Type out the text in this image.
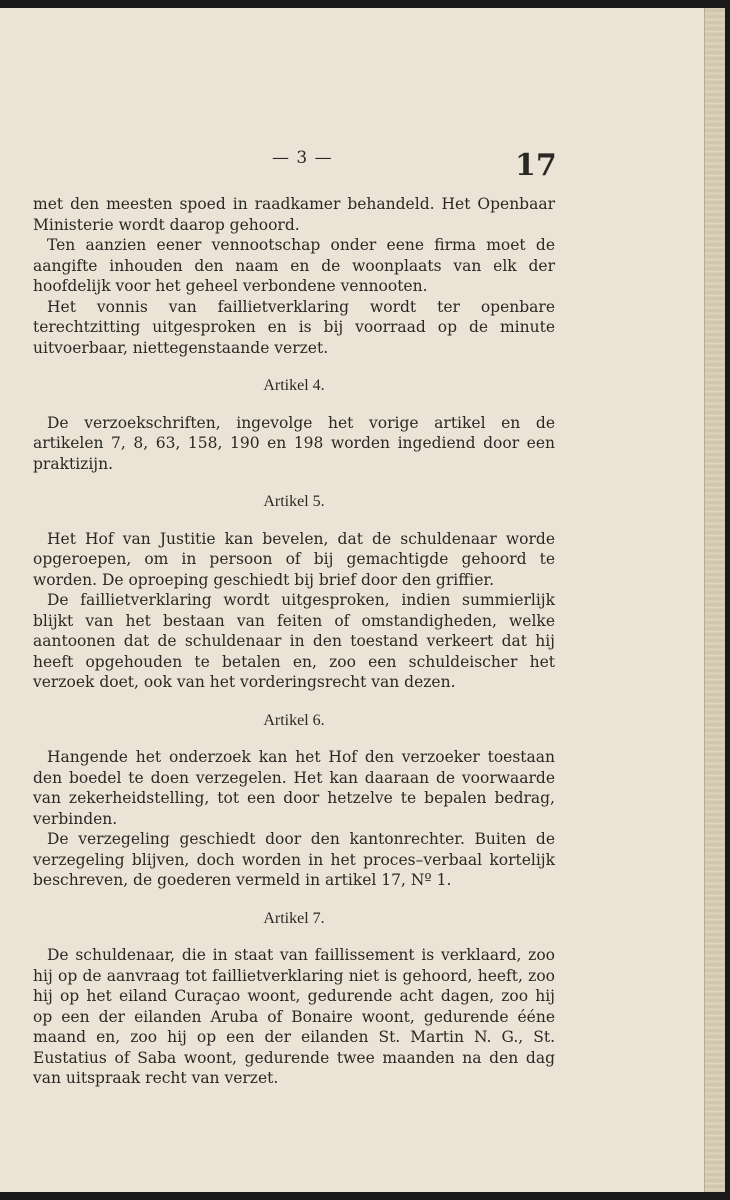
— 3 —	17

met den meesten spoed in raadkamer behandeld. Het Openbaar Ministerie wordt daarop gehoord.

Ten aanzien eener vennootschap onder eene firma moet de aangifte inhouden den naam en de woonplaats van elk der hoofdelijk voor het geheel verbondene vennooten.

Het vonnis van faillietverklaring wordt ter openbare terechtzitting uitgesproken en is bij voorraad op de minute uitvoerbaar, niettegenstaande verzet.

Artikel 4.

De verzoekschriften, ingevolge het vorige artikel en de artikelen 7, 8, 63, 158, 190 en 198 worden ingediend door een praktizijn.

Artikel 5.

Het Hof van Justitie kan bevelen, dat de schuldenaar worde opgeroepen, om in persoon of bij gemachtigde gehoord te worden. De oproeping geschiedt bij brief door den griffier.

De faillietverklaring wordt uitgesproken, indien summierlijk blijkt van het bestaan van feiten of omstandigheden, welke aantoonen dat de schuldenaar in den toestand verkeert dat hij heeft opgehouden te betalen en, zoo een schuldeischer het verzoek doet, ook van het vorderingsrecht van dezen.

Artikel 6.

Hangende het onderzoek kan het Hof den verzoeker toestaan den boedel te doen verzegelen. Het kan daaraan de voorwaarde van zekerheidstelling, tot een door hetzelve te bepalen bedrag, verbinden.

De verzegeling geschiedt door den kantonrechter. Buiten de verzegeling blijven, doch worden in het proces–verbaal kortelijk beschreven, de goederen vermeld in artikel 17, Nº 1.

Artikel 7.

De schuldenaar, die in staat van faillissement is verklaard, zoo hij op de aanvraag tot faillietverklaring niet is gehoord, heeft, zoo hij op het eiland Curaçao woont, gedurende acht dagen, zoo hij op een der eilanden Aruba of Bonaire woont, gedurende ééne maand en, zoo hij op een der eilanden St. Martin N. G., St. Eustatius of Saba woont, gedurende twee maanden na den dag van uitspraak recht van verzet.
